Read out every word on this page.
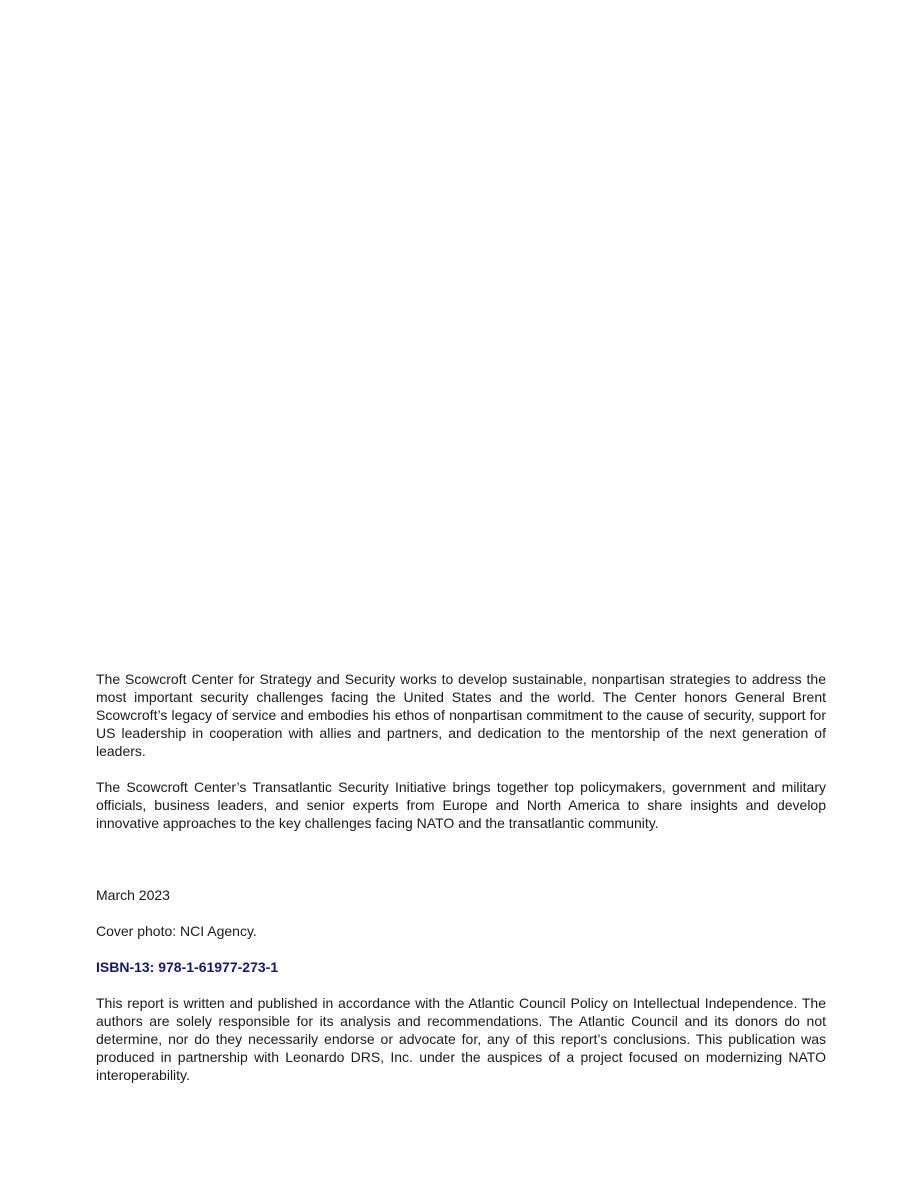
The Scowcroft Center for Strategy and Security works to develop sustainable, nonpartisan strategies to address the most important security challenges facing the United States and the world. The Center honors General Brent Scowcroft’s legacy of service and embodies his ethos of nonpartisan commitment to the cause of security, support for US leadership in cooperation with allies and partners, and dedication to the mentorship of the next generation of leaders.

The Scowcroft Center’s Transatlantic Security Initiative brings together top policymakers, government and military officials, business leaders, and senior experts from Europe and North America to share insights and develop innovative approaches to the key challenges facing NATO and the transatlantic community.

March 2023

Cover photo: NCI Agency.

ISBN-13: 978-1-61977-273-1

This report is written and published in accordance with the Atlantic Council Policy on Intellectual Independence. The authors are solely responsible for its analysis and recommendations. The Atlantic Council and its donors do not determine, nor do they necessarily endorse or advocate for, any of this report’s conclusions. This publication was produced in partnership with Leonardo DRS, Inc. under the auspices of a project focused on modernizing NATO interoperability.
